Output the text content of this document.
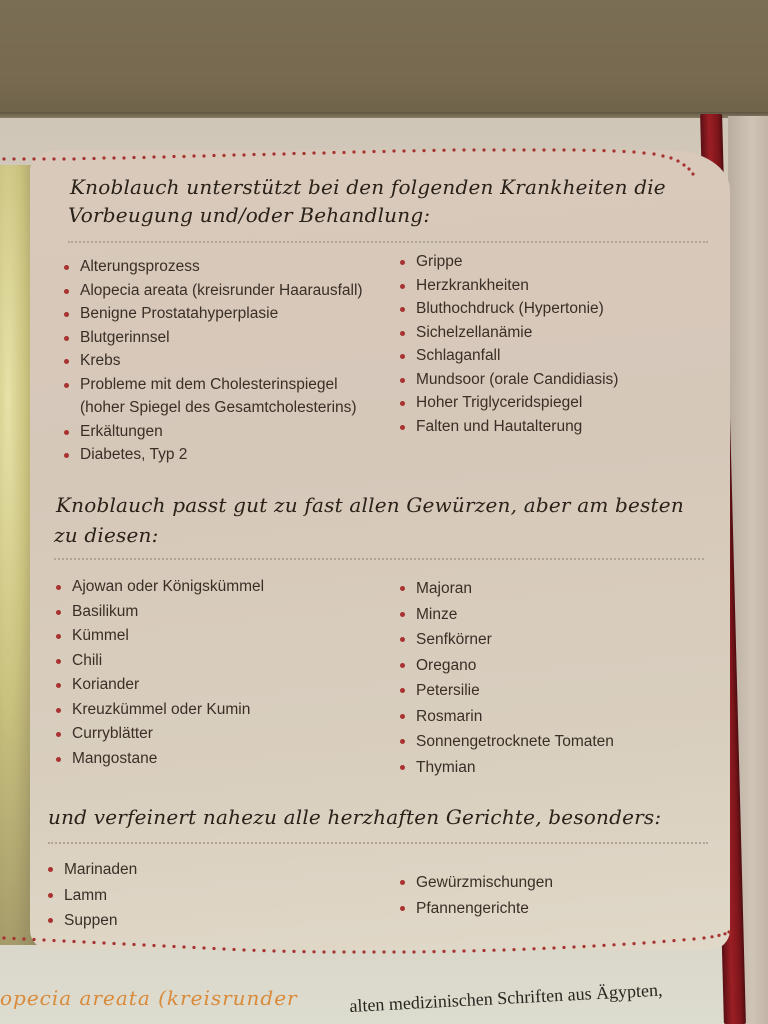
Knoblauch unterstützt bei den folgenden Krankheiten die
Vorbeugung und/oder Behandlung:
Alterungsprozess
Alopecia areata (kreisrunder Haarausfall)
Benigne Prostatahyperplasie
Blutgerinnsel
Krebs
Probleme mit dem Cholesterinspiegel
(hoher Spiegel des Gesamtcholesterins)
Erkältungen
Diabetes, Typ 2
Grippe
Herzkrankheiten
Bluthochdruck (Hypertonie)
Sichelzellanämie
Schlaganfall
Mundsoor (orale Candidiasis)
Hoher Triglyceridspiegel
Falten und Hautalterung
Knoblauch passt gut zu fast allen Gewürzen, aber am besten
zu diesen:
Ajowan oder Königskümmel
Basilikum
Kümmel
Chili
Koriander
Kreuzkümmel oder Kumin
Curryblätter
Mangostane
Majoran
Minze
Senfkörner
Oregano
Petersilie
Rosmarin
Sonnengetrocknete Tomaten
Thymian
und verfeinert nahezu alle herzhaften Gerichte, besonders:
Marinaden
Lamm
Suppen
Gewürzmischungen
Pfannengerichte
opecia areata (kreisrunder	alten medizinischen Schriften aus Ägypten,
